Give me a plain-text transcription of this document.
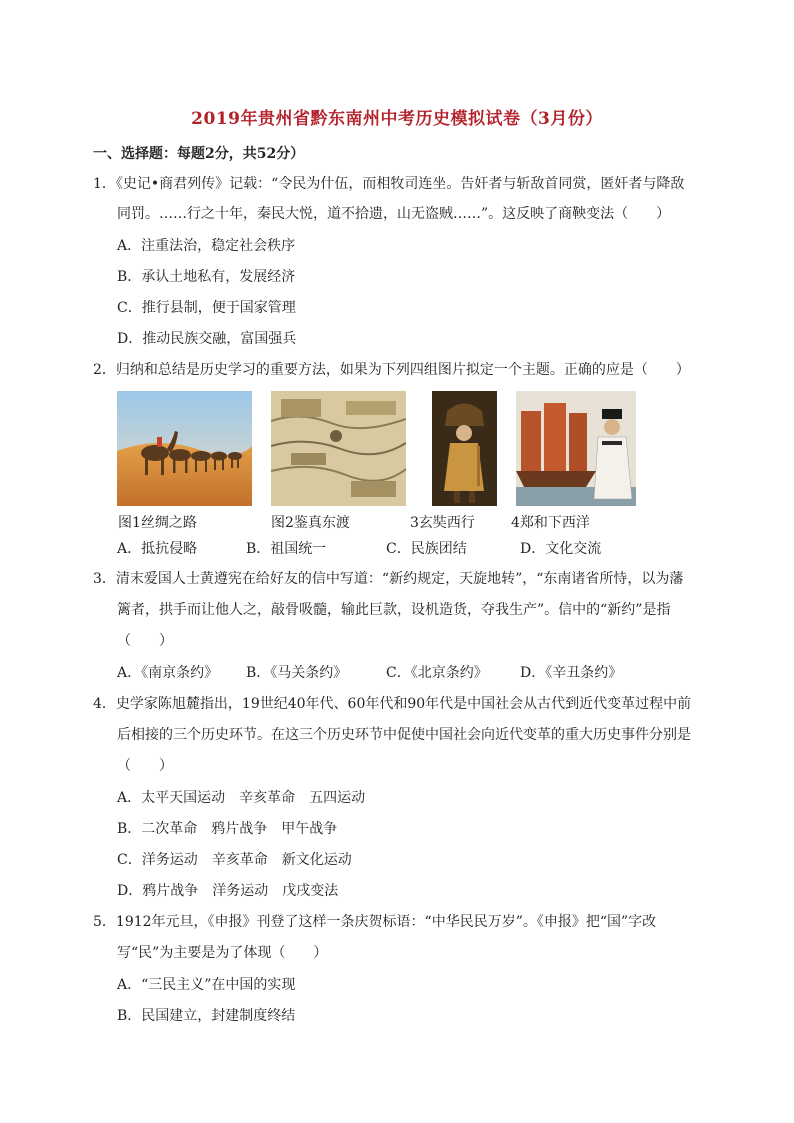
2019年贵州省黔东南州中考历史模拟试卷（3月份）
一、选择题：每题2分，共52分）
1．《史记•商君列传》记载：“令民为什伍，而相牧司连坐。告奸者与斩敌首同赏，匿奸者与降敌
同罚。……行之十年，秦民大悦，道不拾遗，山无盗贼……”。这反映了商鞅变法（　　）
A．注重法治，稳定社会秩序
B．承认土地私有，发展经济
C．推行县制，便于国家管理
D．推动民族交融，富国强兵
2．归纳和总结是历史学习的重要方法，如果为下列四组图片拟定一个主题。正确的应是（　　）
图1丝绸之路	图2鉴真东渡	3玄奘西行	4郑和下西洋
A．抵抗侵略	B．祖国统一	C．民族团结	D．文化交流
3．清末爱国人士黄遵宪在给好友的信中写道：“新约规定，天旋地转”，“东南诸省所恃，以为藩
篱者，拱手而让他人之，敲骨吸髓，输此巨款，设机造货，夺我生产”。信中的“新约”是指
（　　）
A．《南京条约》 B．《马关条约》	C．《北京条约》 D．《辛丑条约》
4．史学家陈旭麓指出，19世纪40年代、60年代和90年代是中国社会从古代到近代变革过程中前
后相接的三个历史环节。在这三个历史环节中促使中国社会向近代变革的重大历史事件分别是
（　　）
A．太平天国运动　辛亥革命　五四运动
B．二次革命　鸦片战争　甲午战争
C．洋务运动　辛亥革命　新文化运动
D．鸦片战争　洋务运动　戊戌变法
5．1912年元旦，《申报》刊登了这样一条庆贺标语：“中华民民万岁”。《申报》把“国”字改
写“民”为主要是为了体现（　　）
A．“三民主义”在中国的实现
B．民国建立，封建制度终结
